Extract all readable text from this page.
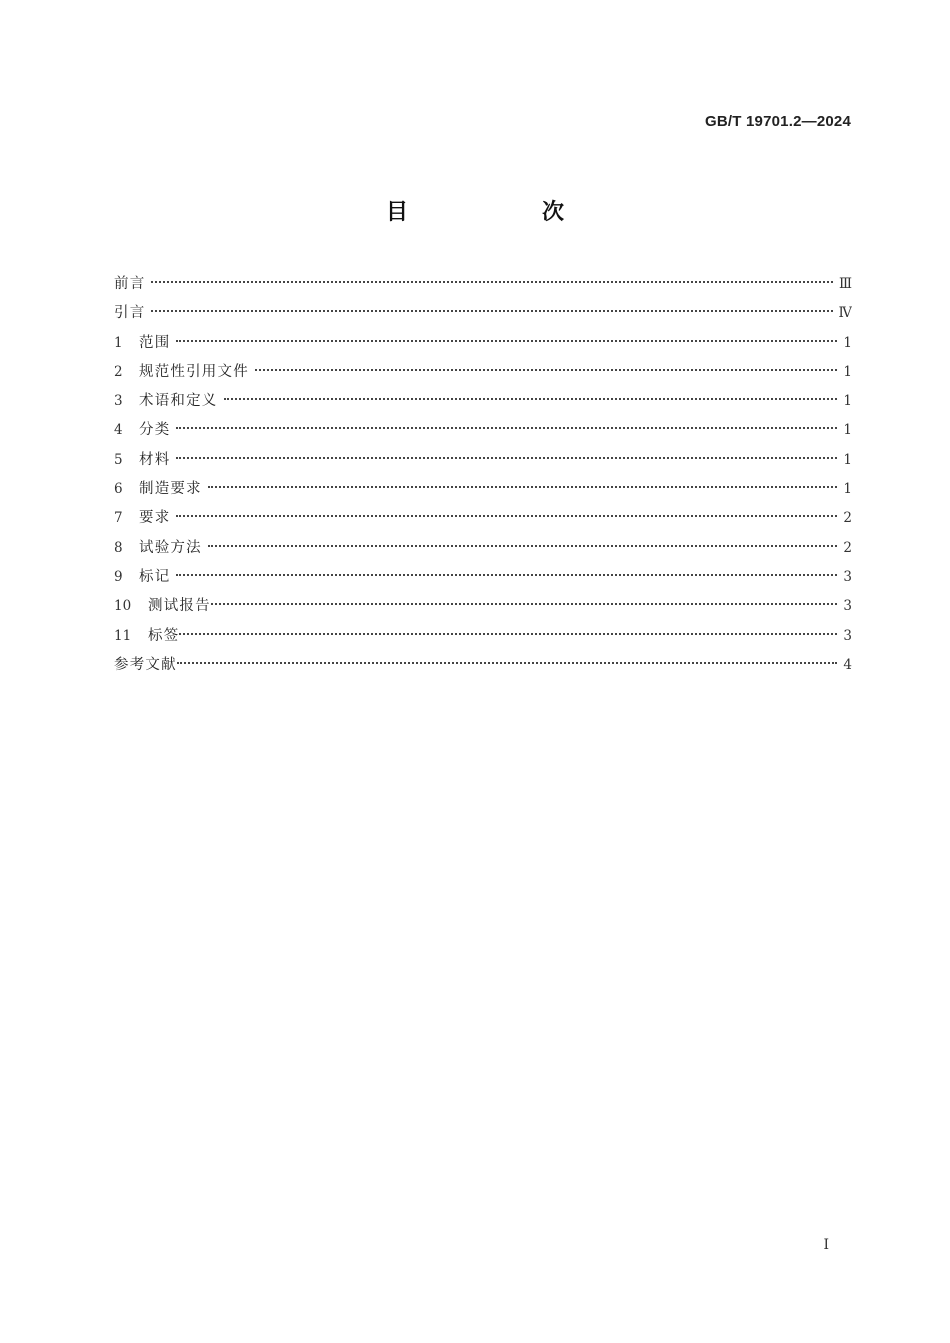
GB/T 19701.2—2024
目　次
前言	Ⅲ
引言	Ⅳ
1	范围	1
2	规范性引用文件	1
3	术语和定义	1
4	分类	1
5	材料	1
6	制造要求	1
7	要求	2
8	试验方法	2
9	标记	3
10	测试报告	3
11	标签	3
参考文献	4
I
